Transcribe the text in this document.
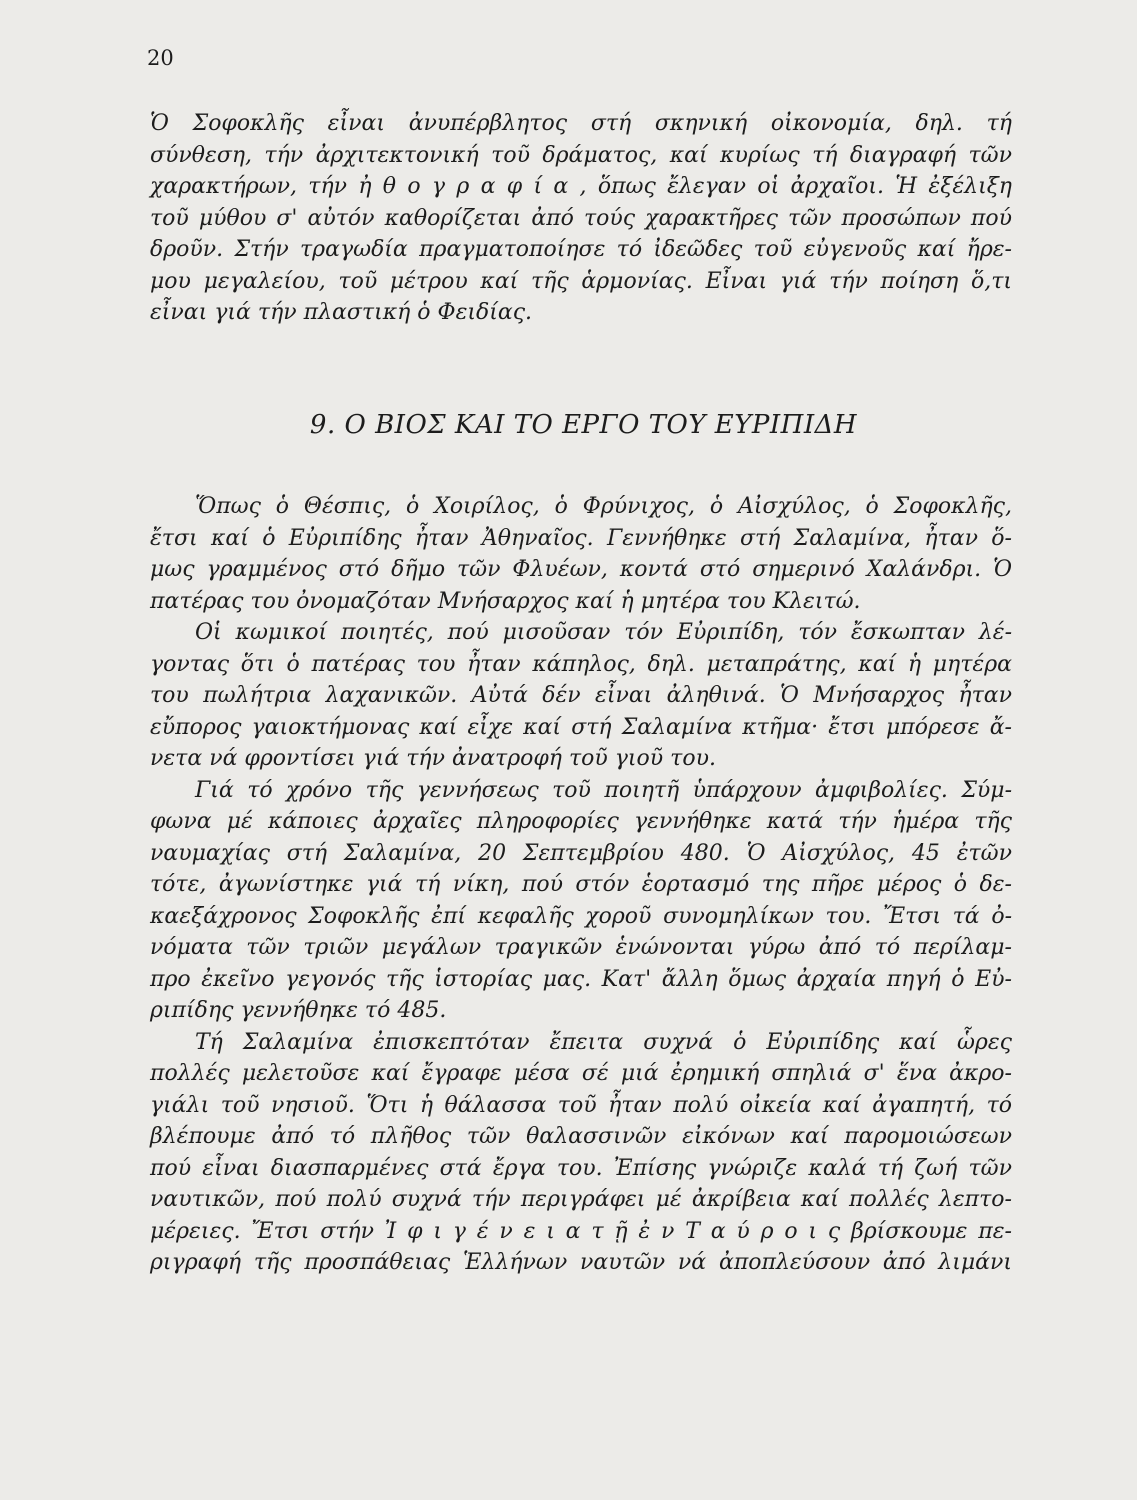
20
Ὁ Σοφοκλῆς εἶναι ἀνυπέρβλητος στή σκηνική οἰκονομία, δηλ. τή
σύνθεση, τήν ἀρχιτεκτονική τοῦ δράματος, καί κυρίως τή διαγραφή τῶν
χαρακτήρων, τήν ἠ θ ο γ ρ α φ ί α , ὅπως ἔλεγαν οἱ ἀρχαῖοι. Ἡ ἐξέλιξη
τοῦ μύθου σ' αὐτόν καθορίζεται ἀπό τούς χαρακτῆρες τῶν προσώπων πού
δροῦν. Στήν τραγωδία πραγματοποίησε τό ἰδεῶδες τοῦ εὐγενοῦς καί ἤρε-
μου μεγαλείου, τοῦ μέτρου καί τῆς ἁρμονίας. Εἶναι γιά τήν ποίηση ὅ,τι
εἶναι γιά τήν πλαστική ὁ Φειδίας.
9. Ο ΒΙΟΣ ΚΑΙ ΤΟ ΕΡΓΟ ΤΟΥ ΕΥΡΙΠΙΔΗ
Ὅπως ὁ Θέσπις, ὁ Χοιρίλος, ὁ Φρύνιχος, ὁ Αἰσχύλος, ὁ Σοφοκλῆς,
ἔτσι καί ὁ Εὐριπίδης ἦταν Ἀθηναῖος. Γεννήθηκε στή Σαλαμίνα, ἦταν ὅ-
μως γραμμένος στό δῆμο τῶν Φλυέων, κοντά στό σημερινό Χαλάνδρι. Ὁ
πατέρας του ὀνομαζόταν Μνήσαρχος καί ἡ μητέρα του Κλειτώ.
Οἱ κωμικοί ποιητές, πού μισοῦσαν τόν Εὐριπίδη, τόν ἔσκωπταν λέ-
γοντας ὅτι ὁ πατέρας του ἦταν κάπηλος, δηλ. μεταπράτης, καί ἡ μητέρα
του πωλήτρια λαχανικῶν. Αὐτά δέν εἶναι ἀληθινά. Ὁ Μνήσαρχος ἦταν
εὔπορος γαιοκτήμονας καί εἶχε καί στή Σαλαμίνα κτῆμα· ἔτσι μπόρεσε ἄ-
νετα νά φροντίσει γιά τήν ἀνατροφή τοῦ γιοῦ του.
Γιά τό χρόνο τῆς γεννήσεως τοῦ ποιητῆ ὑπάρχουν ἀμφιβολίες. Σύμ-
φωνα μέ κάποιες ἀρχαῖες πληροφορίες γεννήθηκε κατά τήν ἡμέρα τῆς
ναυμαχίας στή Σαλαμίνα, 20 Σεπτεμβρίου 480. Ὁ Αἰσχύλος, 45 ἐτῶν
τότε, ἀγωνίστηκε γιά τή νίκη, πού στόν ἑορτασμό της πῆρε μέρος ὁ δε-
καεξάχρονος Σοφοκλῆς ἐπί κεφαλῆς χοροῦ συνομηλίκων του. Ἔτσι τά ὀ-
νόματα τῶν τριῶν μεγάλων τραγικῶν ἑνώνονται γύρω ἀπό τό περίλαμ-
προ ἐκεῖνο γεγονός τῆς ἱστορίας μας. Κατ' ἄλλη ὅμως ἀρχαία πηγή ὁ Εὐ-
ριπίδης γεννήθηκε τό 485.
Τή Σαλαμίνα ἐπισκεπτόταν ἔπειτα συχνά ὁ Εὐριπίδης καί ὧρες
πολλές μελετοῦσε καί ἔγραφε μέσα σέ μιά ἐρημική σπηλιά σ' ἕνα ἀκρο-
γιάλι τοῦ νησιοῦ. Ὅτι ἡ θάλασσα τοῦ ἦταν πολύ οἰκεία καί ἀγαπητή, τό
βλέπουμε ἀπό τό πλῆθος τῶν θαλασσινῶν εἰκόνων καί παρομοιώσεων
πού εἶναι διασπαρμένες στά ἔργα του. Ἐπίσης γνώριζε καλά τή ζωή τῶν
ναυτικῶν, πού πολύ συχνά τήν περιγράφει μέ ἀκρίβεια καί πολλές λεπτο-
μέρειες. Ἔτσι στήν Ἰ φ ι γ έ ν ε ι α τ ῇ ἐ ν Τ α ύ ρ ο ι ς βρίσκουμε πε-
ριγραφή τῆς προσπάθειας Ἑλλήνων ναυτῶν νά ἀποπλεύσουν ἀπό λιμάνι
